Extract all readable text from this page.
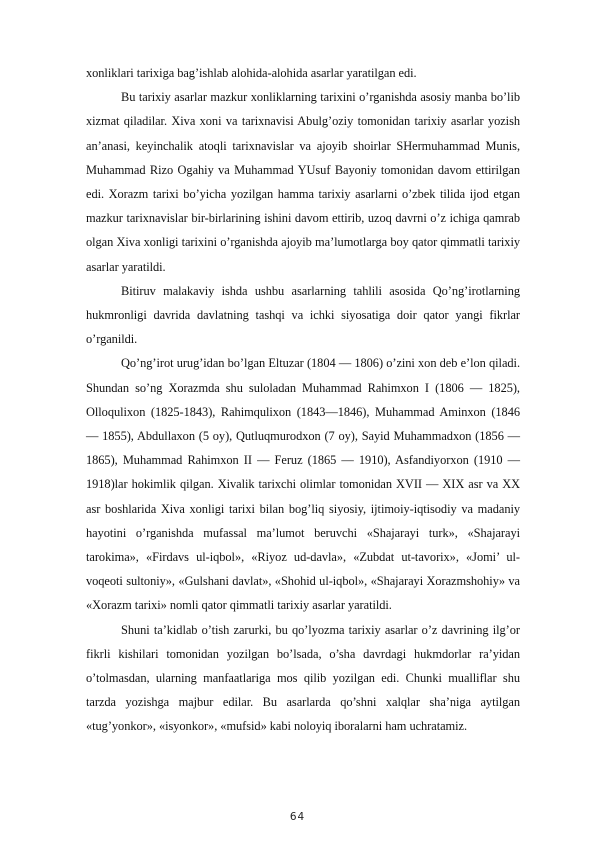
xonliklari tarixiga bag’ishlab alohida-alohida asarlar yaratilgan edi.

Bu tarixiy asarlar mazkur xonliklarning tarixini o’rganishda asosiy manba bo’lib xizmat qiladilar. Xiva xoni va tarixnavisi Abulg’oziy tomonidan tarixiy asarlar yozish an’anasi, keyinchalik atoqli tarixnavislar va ajoyib shoirlar SHermuhammad Munis, Muhammad Rizo Ogahiy va Muhammad YUsuf Bayoniy tomonidan davom ettirilgan edi. Xorazm tarixi bo’yicha yozilgan hamma tarixiy asarlarni o’zbek tilida ijod etgan mazkur tarixnavislar bir-birlarining ishini davom ettirib, uzoq davrni o’z ichiga qamrab olgan Xiva xonligi tarixini o’rganishda ajoyib ma’lumotlarga boy qator qimmatli tarixiy asarlar yaratildi.

Bitiruv malakaviy ishda ushbu asarlarning tahlili asosida Qo’ng’irotlarning hukmronligi davrida davlatning tashqi va ichki siyosatiga doir qator yangi fikrlar o’rganildi.

Qo’ng’irot urug’idan bo’lgan Eltuzar (1804 — 1806) o’zini xon deb e’lon qiladi. Shundan so’ng Xorazmda shu suloladan Muhammad Rahimxon I (1806 — 1825), Olloqulixon (1825-1843), Rahimqulixon (1843—1846), Muhammad Aminxon (1846 — 1855), Abdullaxon (5 oy), Qutluqmurodxon (7 oy), Sayid Muhammadxon (1856 — 1865), Muhammad Rahimxon II — Feruz (1865 — 1910), Asfandiyorxon (1910 — 1918)lar hokimlik qilgan. Xivalik tarixchi olimlar tomonidan XVII — XIX asr va XX asr boshlarida Xiva xonligi tarixi bilan bog’liq siyosiy, ijtimoiy-iqtisodiy va madaniy hayotini o’rganishda mufassal ma’lumot beruvchi «Shajarayi turk», «Shajarayi tarokima», «Firdavs ul-iqbol», «Riyoz ud-davla», «Zubdat ut-tavorix», «Jomi’ ul-voqeoti sultoniy», «Gulshani davlat», «Shohid ul-iqbol», «Shajarayi Xorazmshohiy» va «Xorazm tarixi» nomli qator qimmatli tarixiy asarlar yaratildi.

Shuni ta’kidlab o’tish zarurki, bu qo’lyozma tarixiy asarlar o’z davrining ilg’or fikrli kishilari tomonidan yozilgan bo’lsada, o’sha davrdagi hukmdorlar ra’yidan o’tolmasdan, ularning manfaatlariga mos qilib yozilgan edi. Chunki mualliflar shu tarzda yozishga majbur edilar. Bu asarlarda qo’shni xalqlar sha’niga aytilgan «tug’yonkor», «isyonkor», «mufsid» kabi noloyiq iboralarni ham uchratamiz.

64
